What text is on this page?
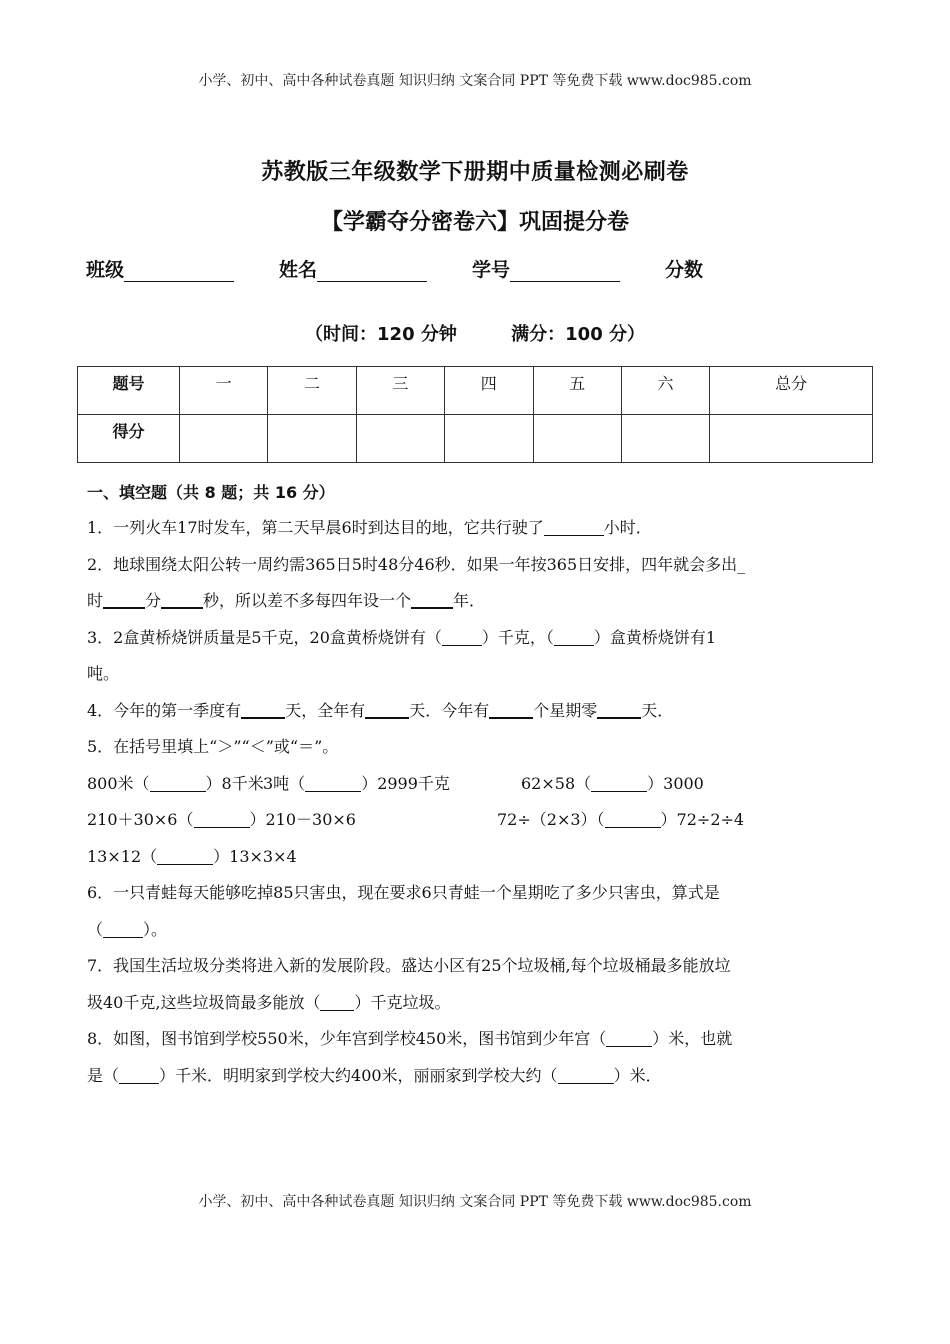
小学、初中、高中各种试卷真题 知识归纳 文案合同 PPT 等免费下载 www.doc985.com
苏教版三年级数学下册期中质量检测必刷卷
【学霸夺分密卷六】巩固提分卷
班级	姓名	学号	分数
（时间：120 分钟	满分：100 分）
题号	一	二	三	四	五	六	总分
得分							
一、填空题（共 8 题；共 16 分）
1．一列火车17时发车，第二天早晨6时到达目的地，它共行驶了	小时．
2．地球围绕太阳公转一周约需365日5时48分46秒．如果一年按365日安排，四年就会多出_
时	分	秒，所以差不多每四年设一个	年．
3．2盒黄桥烧饼质量是5千克，20盒黄桥烧饼有（	）千克，（	）盒黄桥烧饼有1
吨。
4．今年的第一季度有	天，全年有	天．今年有	个星期零	天．
5．在括号里填上“＞”“＜”或“＝”。
800米（	）8千米3吨（	）2999千克	62×58（	）3000
210＋30×6（	）210－30×6	72÷（2×3）（	）72÷2÷4
13×12（	）13×3×4
6．一只青蛙每天能够吃掉85只害虫，现在要求6只青蛙一个星期吃了多少只害虫，算式是
（	）。
7．我国生活垃圾分类将进入新的发展阶段。盛达小区有25个垃圾桶,每个垃圾桶最多能放垃
圾40千克,这些垃圾筒最多能放（ ）千克垃圾。
8．如图，图书馆到学校550米，少年宫到学校450米，图书馆到少年宫（	）米，也就
是（	）千米．明明家到学校大约400米，丽丽家到学校大约（	）米．
小学、初中、高中各种试卷真题 知识归纳 文案合同 PPT 等免费下载 www.doc985.com
